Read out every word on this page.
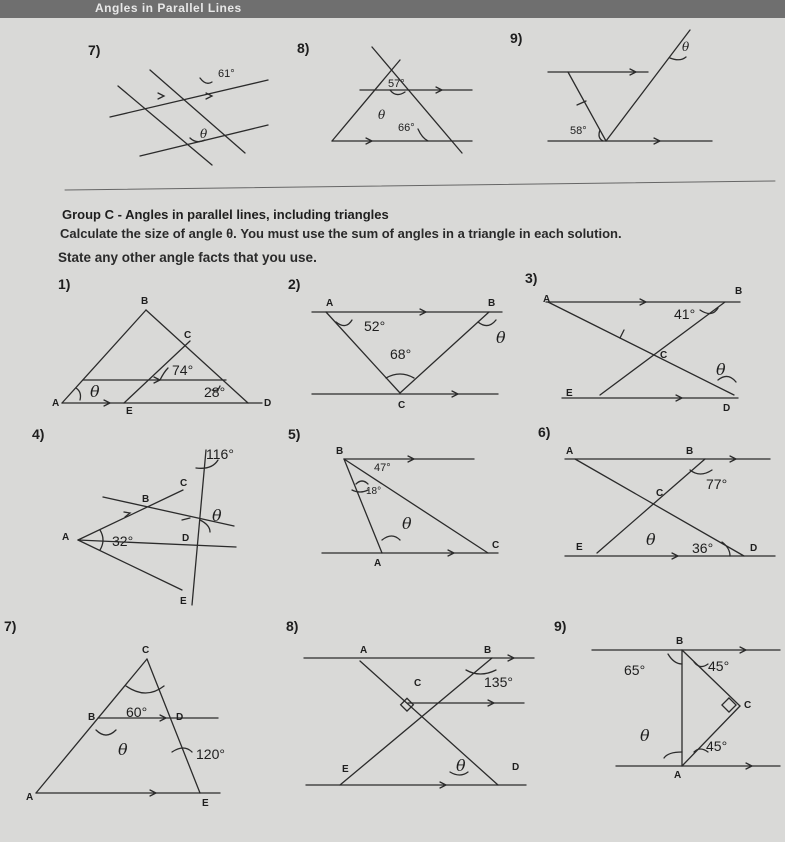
Angles in Parallel Lines
7)
61°
θ
8)
57°
θ
66°
9)
θ
58°
Group C - Angles in parallel lines, including triangles
Calculate the size of angle θ. You must use the sum of angles in a triangle in each solution.
State any other angle facts that you use.
1)
B
C
A
E
D
74°
28°
θ
2)
A	B
C
52°
68°
θ
3)
A
B
C
E
D
41°
θ
4)
116°
C
B
A	D
E
32°
θ
5)
B
47°
18°
θ
A
C
6)
A	B
77°
C
θ	36°	D
E
7)
C
B 60°	D
θ	120°
A
E
8)
A	B
C	135°
E	θ	D
9)
B
65°	45°
C
θ
45°
A
